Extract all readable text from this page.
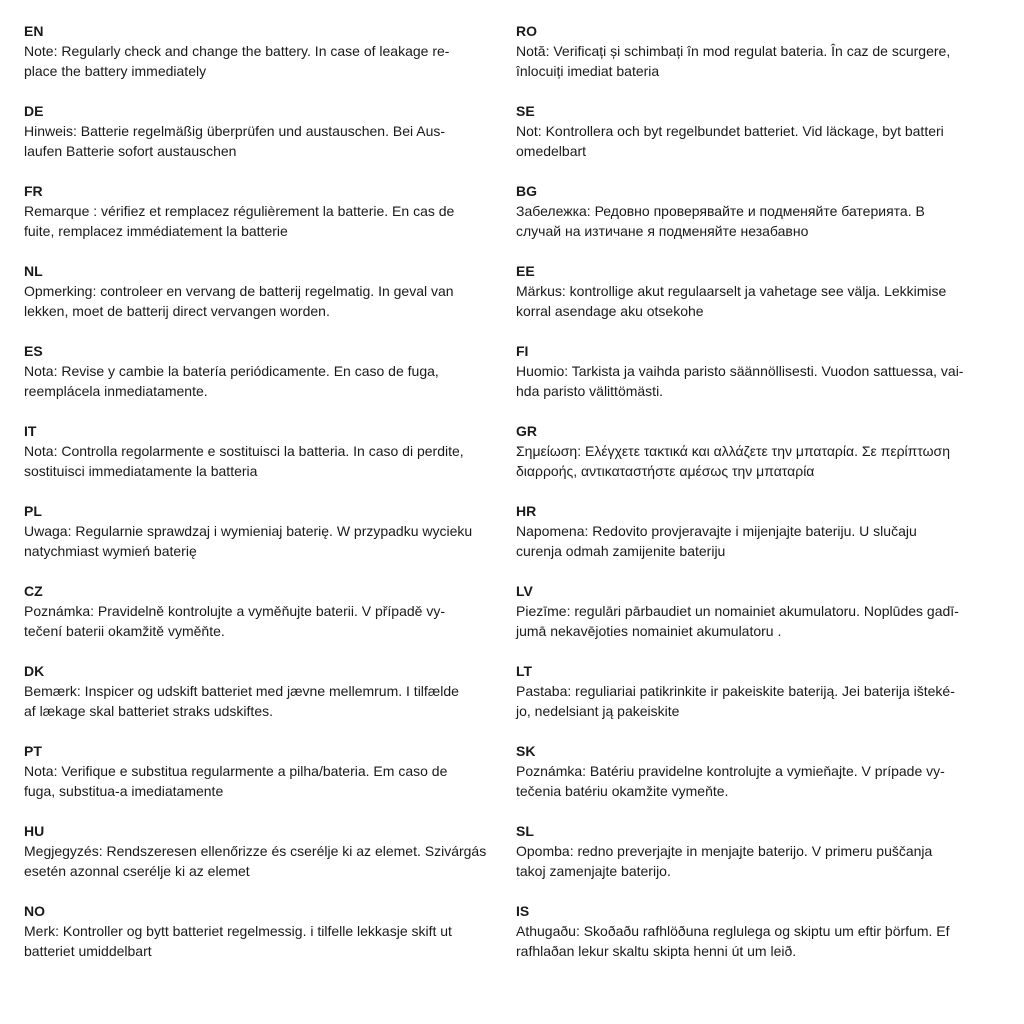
EN
Note: Regularly check and change the battery. In case of leakage re-
place the battery immediately
DE
Hinweis: Batterie regelmäßig überprüfen und austauschen. Bei Aus-
laufen Batterie sofort austauschen
FR
Remarque : vérifiez et remplacez régulièrement la batterie. En cas de
fuite, remplacez immédiatement la batterie
NL
Opmerking: controleer en vervang de batterij regelmatig. In geval van
lekken, moet de batterij direct vervangen worden.
ES
Nota: Revise y cambie la batería periódicamente. En caso de fuga,
reemplácela inmediatamente.
IT
Nota: Controlla regolarmente e sostituisci la batteria. In caso di perdite,
sostituisci immediatamente la batteria
PL
Uwaga: Regularnie sprawdzaj i wymieniaj baterię. W przypadku wycieku
natychmiast wymień baterię
CZ
Poznámka: Pravidelně kontrolujte a vyměňujte baterii. V případě vy-
tečení baterii okamžitě vyměňte.
DK
Bemærk: Inspicer og udskift batteriet med jævne mellemrum. I tilfælde
af lækage skal batteriet straks udskiftes.
PT
Nota: Verifique e substitua regularmente a pilha/bateria. Em caso de
fuga, substitua-a imediatamente
HU
Megjegyzés: Rendszeresen ellenőrizze és cserélje ki az elemet. Szivárgás
esetén azonnal cserélje ki az elemet
NO
Merk: Kontroller og bytt batteriet regelmessig. i tilfelle lekkasje skift ut
batteriet umiddelbart
RO
Notă: Verificați și schimbați în mod regulat bateria. În caz de scurgere,
înlocuiți imediat bateria
SE
Not: Kontrollera och byt regelbundet batteriet. Vid läckage, byt batteri
omedelbart
BG
Забележка: Редовно проверявайте и подменяйте батерията. В
случай на изтичане я подменяйте незабавно
EE
Märkus: kontrollige akut regulaarselt ja vahetage see välja. Lekkimise
korral asendage aku otsekohe
FI
Huomio: Tarkista ja vaihda paristo säännöllisesti. Vuodon sattuessa, vai-
hda paristo välittömästi.
GR
Σημείωση: Ελέγχετε τακτικά και αλλάζετε την μπαταρία. Σε περίπτωση
διαρροής, αντικαταστήστε αμέσως την μπαταρία
HR
Napomena: Redovito provjeravajte i mijenjajte bateriju. U slučaju
curenja odmah zamijenite bateriju
LV
Piezīme: regulāri pārbaudiet un nomainiet akumulatoru. Noplūdes gadī-
jumā nekavējoties nomainiet akumulatoru .
LT
Pastaba: reguliariai patikrinkite ir pakeiskite bateriją. Jei baterija išteké-
jo, nedelsiant ją pakeiskite
SK
Poznámka: Batériu pravidelne kontrolujte a vymieňajte. V prípade vy-
tečenia batériu okamžite vymeňte.
SL
Opomba: redno preverjajte in menjajte baterijo. V primeru puščanja
takoj zamenjajte baterijo.
IS
Athugaðu: Skoðaðu rafhlöðuna reglulega og skiptu um eftir þörfum. Ef
rafhlaðan lekur skaltu skipta henni út um leið.
